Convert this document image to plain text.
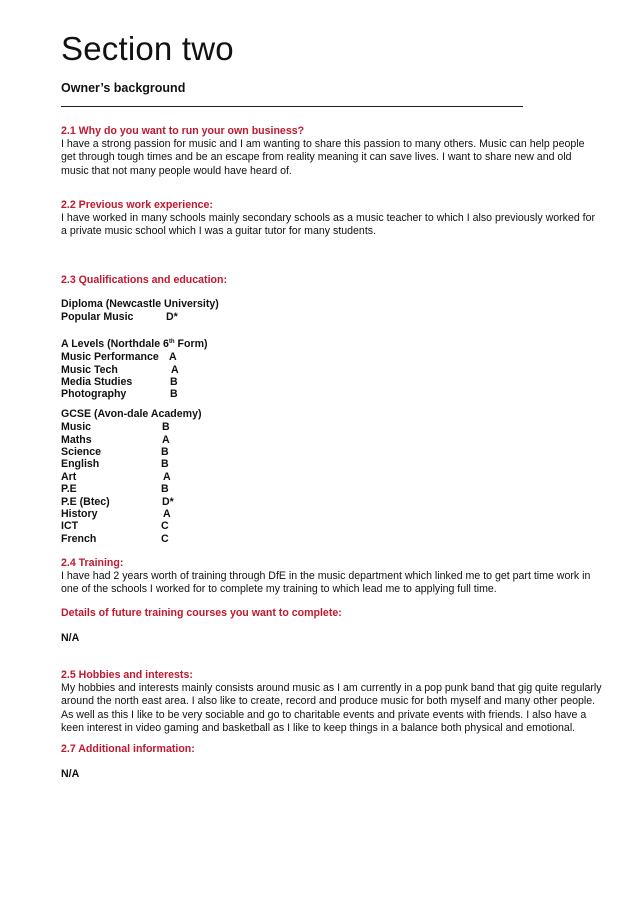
Section two
Owner’s background
2.1 Why do you want to run your own business?
I have a strong passion for music and I am wanting to share this passion to many others. Music can help people
get through tough times and be an escape from reality meaning it can save lives. I want to share new and old
music that not many people would have heard of.
2.2 Previous work experience:
I have worked in many schools mainly secondary schools as a music teacher to which I also previously worked for
a private music school which I was a guitar tutor for many students.
2.3 Qualifications and education:
Diploma (Newcastle University)
Popular Music	D*
A Levels (Northdale 6th Form)
Music Performance A
Music Tech	A
Media Studies	B
Photography	B
GCSE (Avon-dale Academy)
Music	B
Maths	A
Science	B
English	B
Art	A
P.E	B
P.E (Btec)	D*
History	A
ICT	C
French	C
2.4 Training:
I have had 2 years worth of training through DfE in the music department which linked me to get part time work in
one of the schools I worked for to complete my training to which lead me to applying full time.
Details of future training courses you want to complete:
N/A
2.5 Hobbies and interests:
My hobbies and interests mainly consists around music as I am currently in a pop punk band that gig quite regularly
around the north east area. I also like to create, record and produce music for both myself and many other people.
As well as this I like to be very sociable and go to charitable events and private events with friends. I also have a
keen interest in video gaming and basketball as I like to keep things in a balance both physical and emotional.
2.7 Additional information:
N/A
